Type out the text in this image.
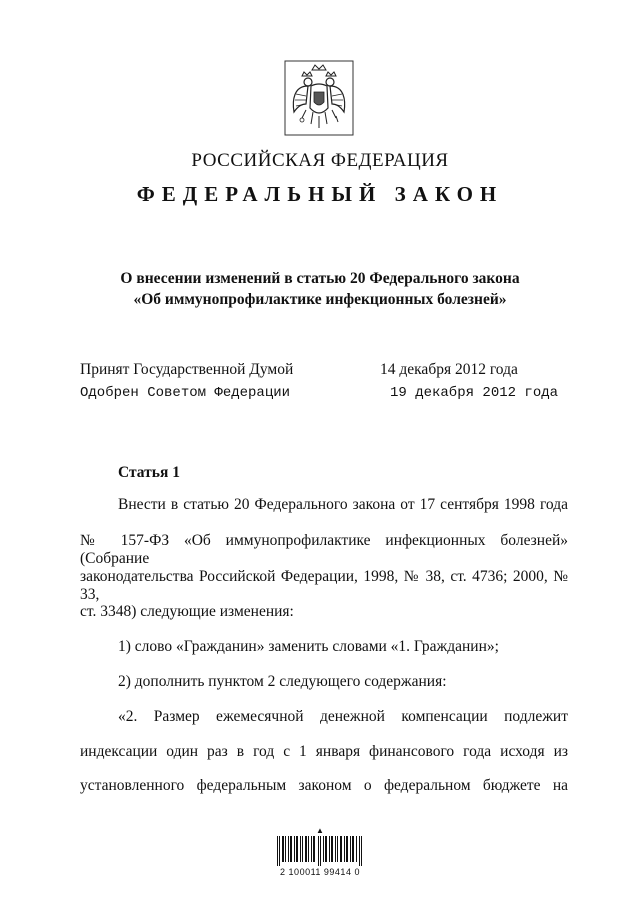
РОССИЙСКАЯ ФЕДЕРАЦИЯ
ФЕДЕРАЛЬНЫЙ ЗАКОН
О внесении изменений в статью 20 Федерального закона
«Об иммунопрофилактике инфекционных болезней»
Принят Государственной Думой	14 декабря 2012 года
Одобрен Советом Федерации	19 декабря 2012 года
Статья 1
Внести в статью 20 Федерального закона от 17 сентября 1998 года
№ 157-ФЗ «Об иммунопрофилактике инфекционных болезней» (Собрание
законодательства Российской Федерации, 1998, № 38, ст. 4736; 2000, № 33,
ст. 3348) следующие изменения:
1) слово «Гражданин» заменить словами «1. Гражданин»;
2) дополнить пунктом 2 следующего содержания:
«2. Размер ежемесячной денежной компенсации подлежит
индексации один раз в год с 1 января финансового года исходя из
установленного федеральным законом о федеральном бюджете на
▲
2 100011 99414 0
